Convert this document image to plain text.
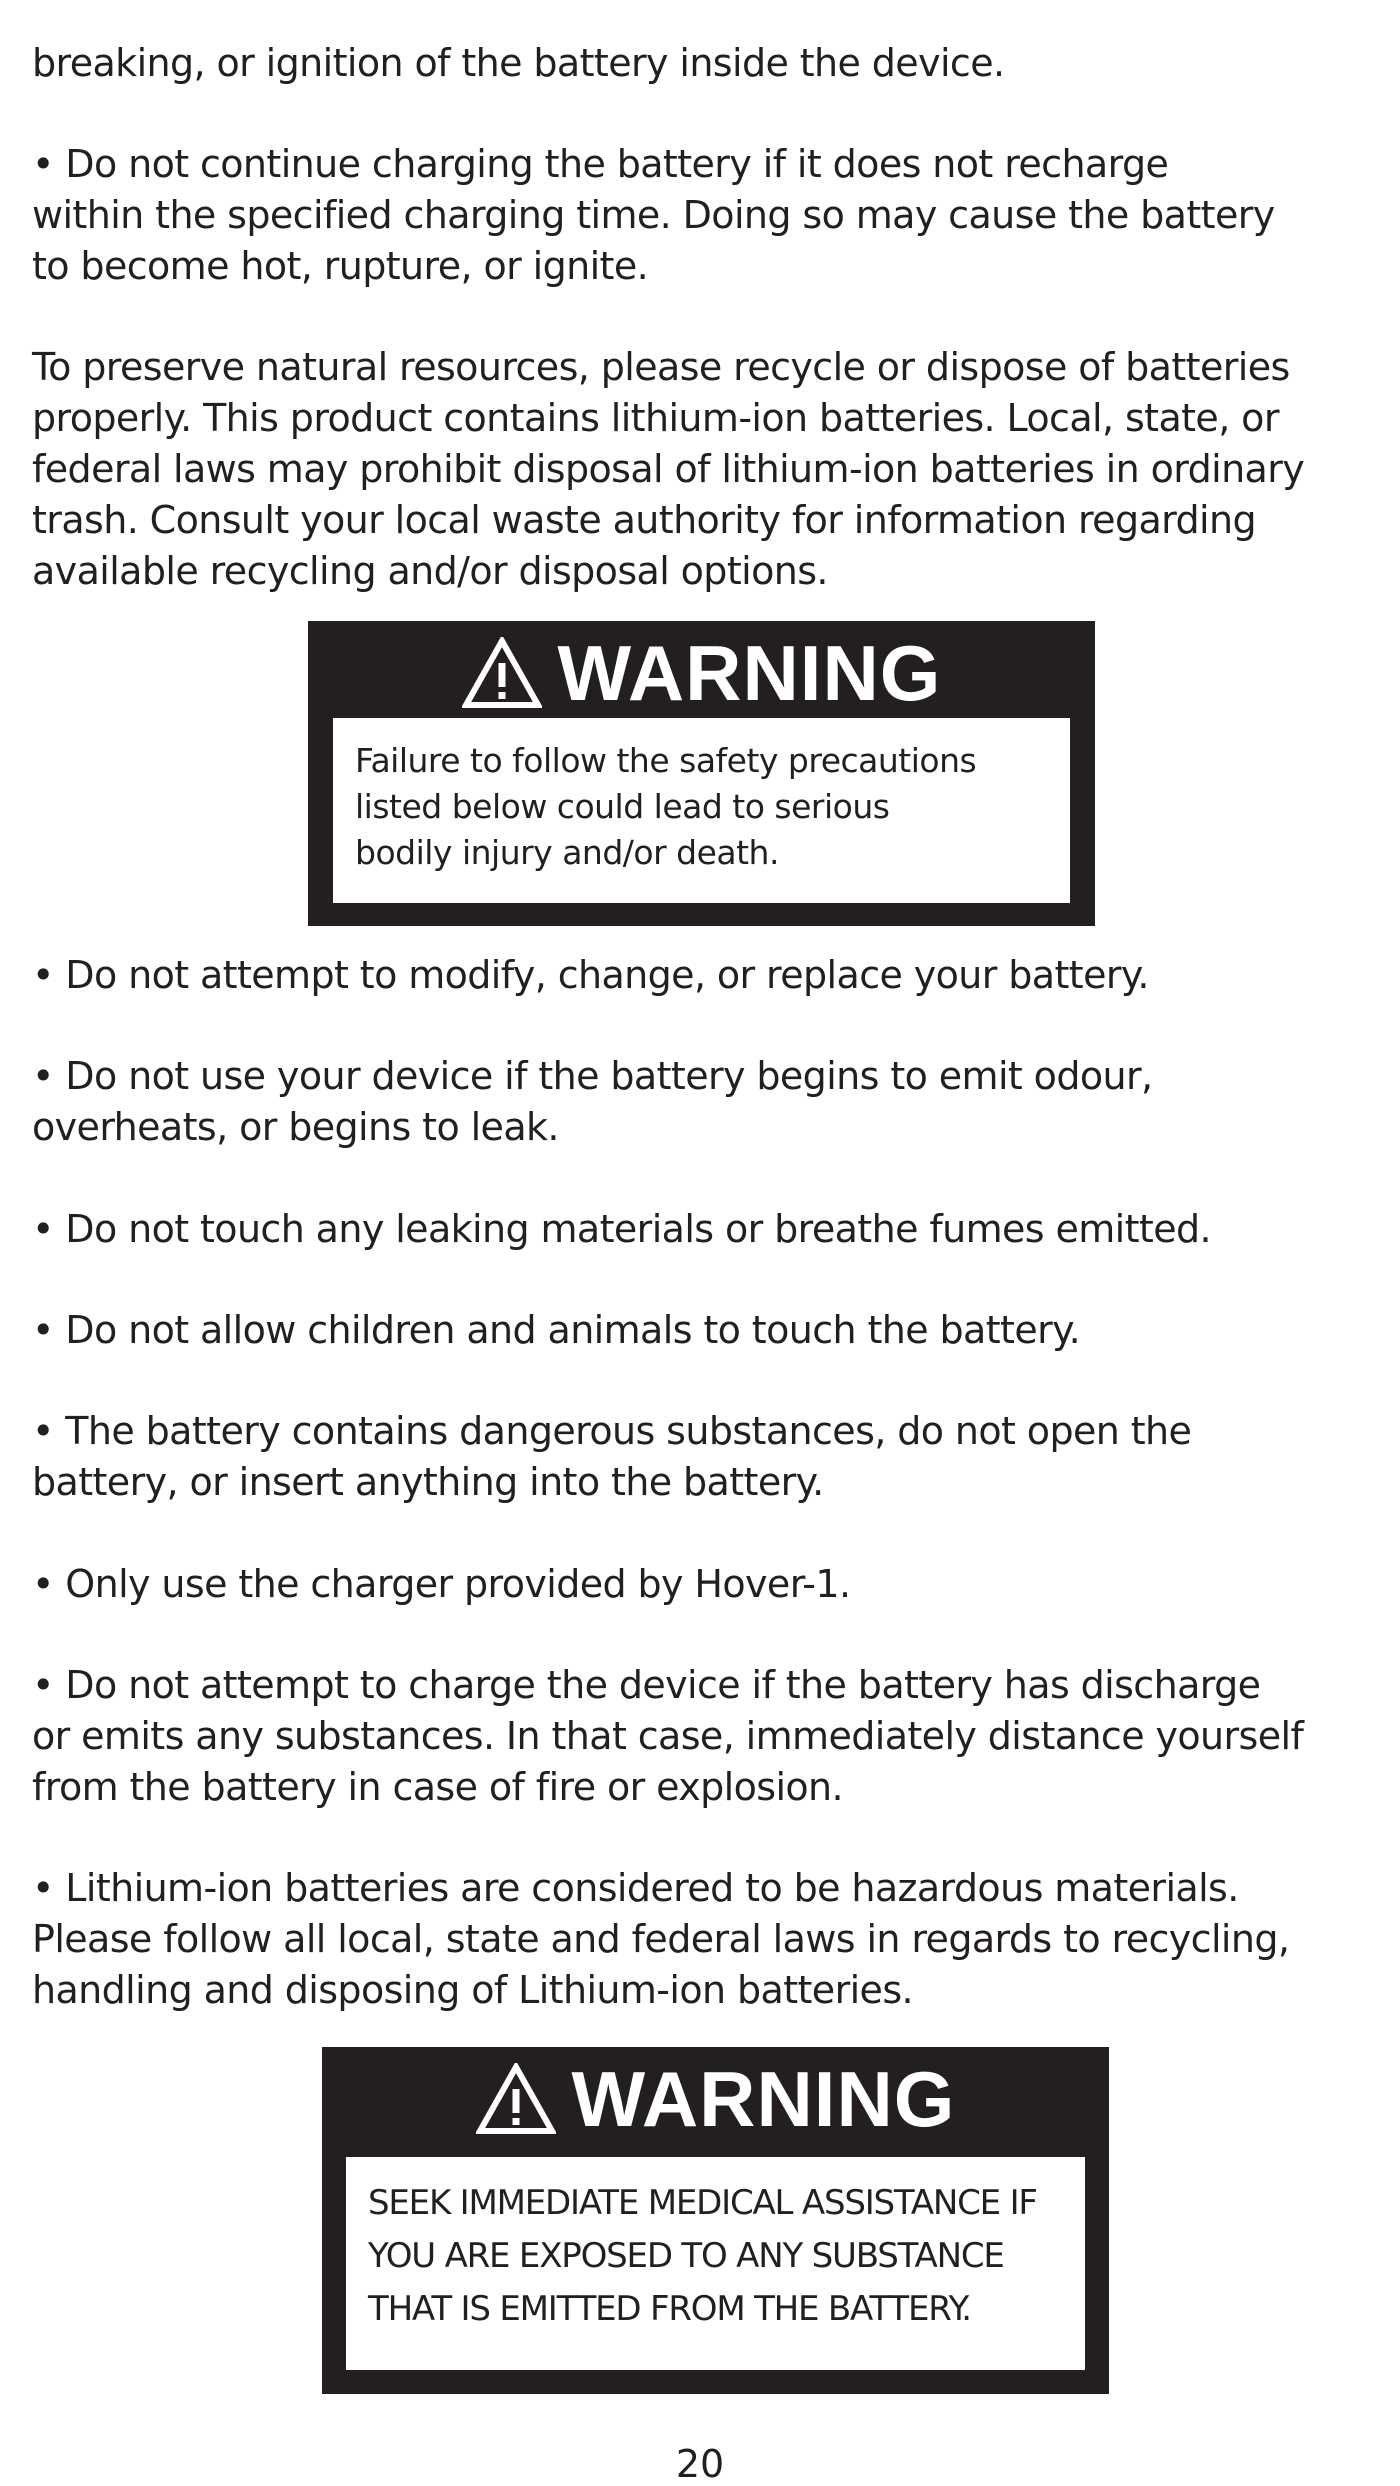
breaking, or ignition of the battery inside the device.

• Do not continue charging the battery if it does not recharge
within the specified charging time. Doing so may cause the battery
to become hot, rupture, or ignite.

To preserve natural resources, please recycle or dispose of batteries
properly. This product contains lithium-ion batteries. Local, state, or
federal laws may prohibit disposal of lithium-ion batteries in ordinary
trash. Consult your local waste authority for information regarding
available recycling and/or disposal options.

WARNING
Failure to follow the safety precautions
listed below could lead to serious
bodily injury and/or death.

• Do not attempt to modify, change, or replace your battery.

• Do not use your device if the battery begins to emit odour,
overheats, or begins to leak.

• Do not touch any leaking materials or breathe fumes emitted.

• Do not allow children and animals to touch the battery.

• The battery contains dangerous substances, do not open the
battery, or insert anything into the battery.

• Only use the charger provided by Hover-1.

• Do not attempt to charge the device if the battery has discharge
or emits any substances. In that case, immediately distance yourself
from the battery in case of fire or explosion.

• Lithium-ion batteries are considered to be hazardous materials.
Please follow all local, state and federal laws in regards to recycling,
handling and disposing of Lithium-ion batteries.

WARNING
SEEK IMMEDIATE MEDICAL ASSISTANCE IF
YOU ARE EXPOSED TO ANY SUBSTANCE
THAT IS EMITTED FROM THE BATTERY.
20
